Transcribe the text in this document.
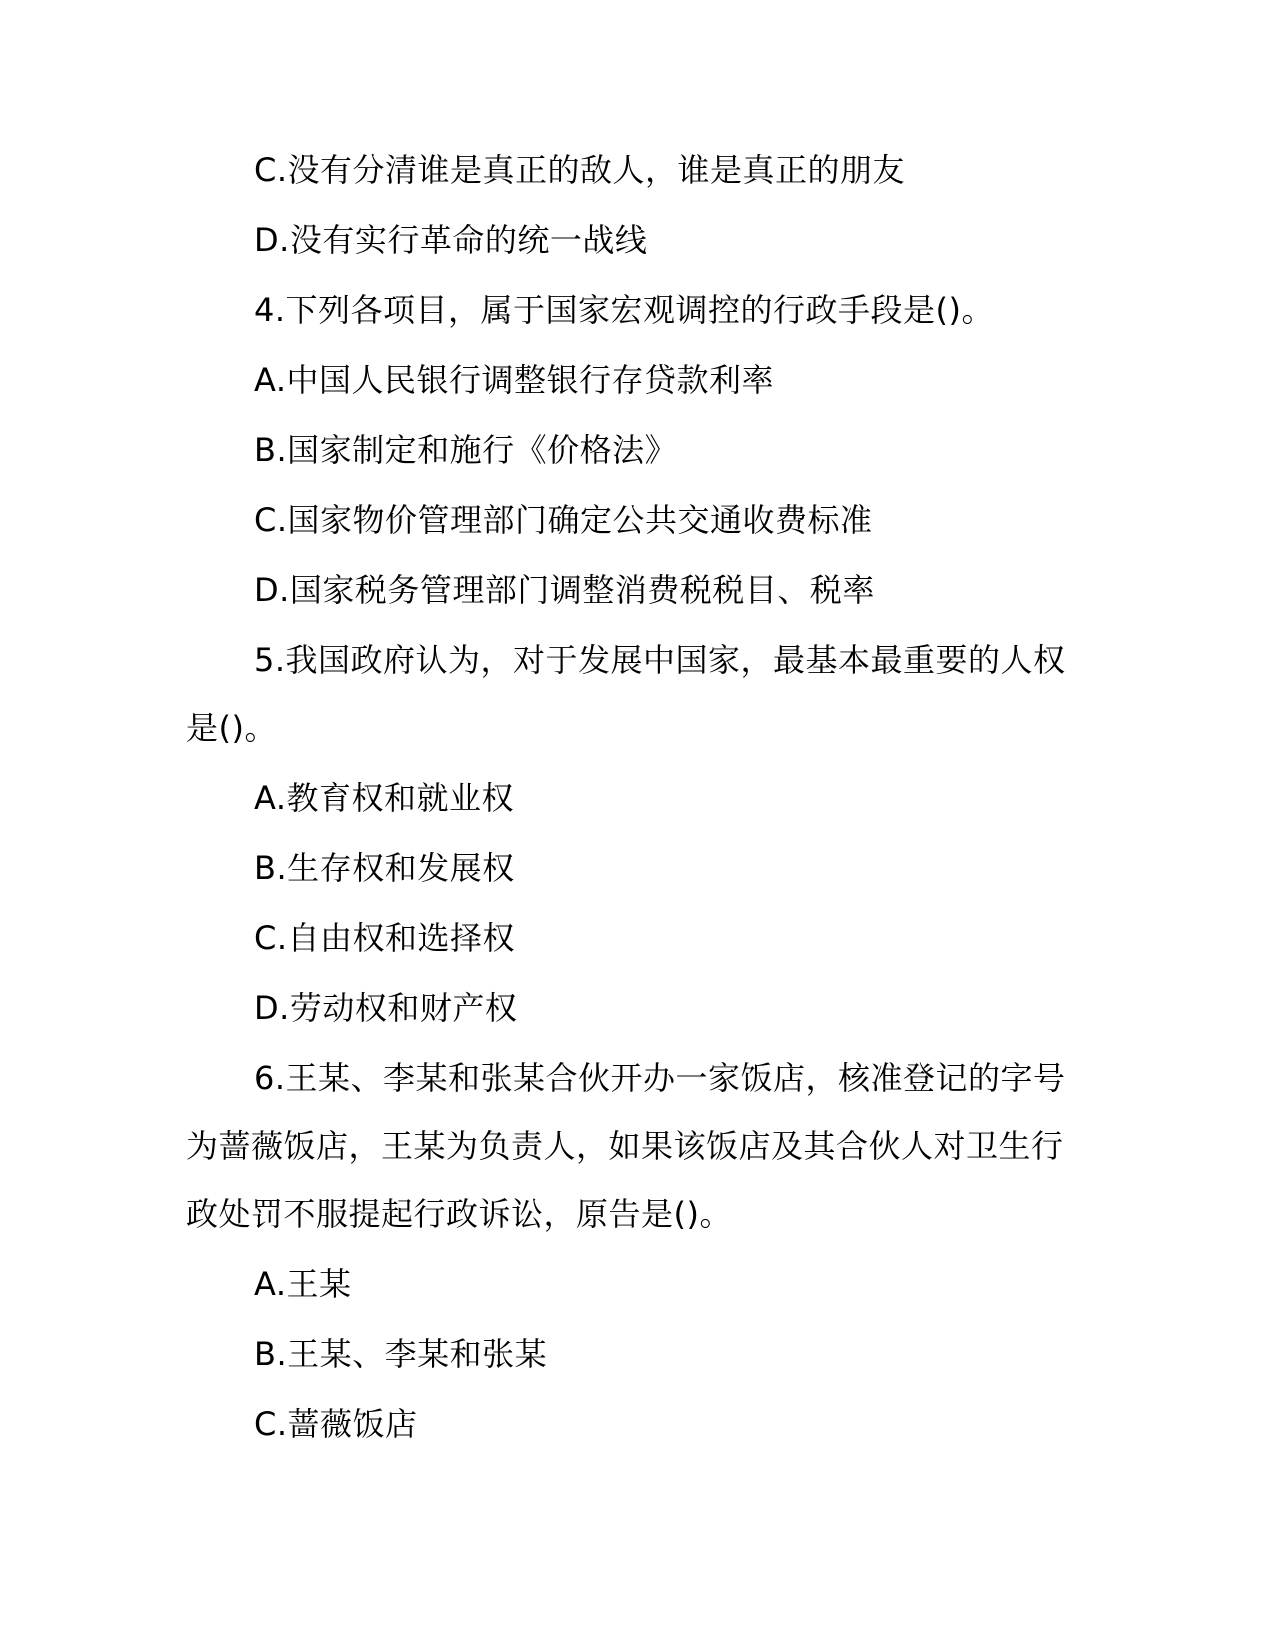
C.没有分清谁是真正的敌人，谁是真正的朋友
D.没有实行革命的统一战线
4.下列各项目，属于国家宏观调控的行政手段是()。
A.中国人民银行调整银行存贷款利率
B.国家制定和施行《价格法》
C.国家物价管理部门确定公共交通收费标准
D.国家税务管理部门调整消费税税目、税率
5.我国政府认为，对于发展中国家，最基本最重要的人权是()。
A.教育权和就业权
B.生存权和发展权
C.自由权和选择权
D.劳动权和财产权
6.王某、李某和张某合伙开办一家饭店，核准登记的字号为蔷薇饭店，王某为负责人，如果该饭店及其合伙人对卫生行政处罚不服提起行政诉讼，原告是()。
A.王某
B.王某、李某和张某
C.蔷薇饭店
